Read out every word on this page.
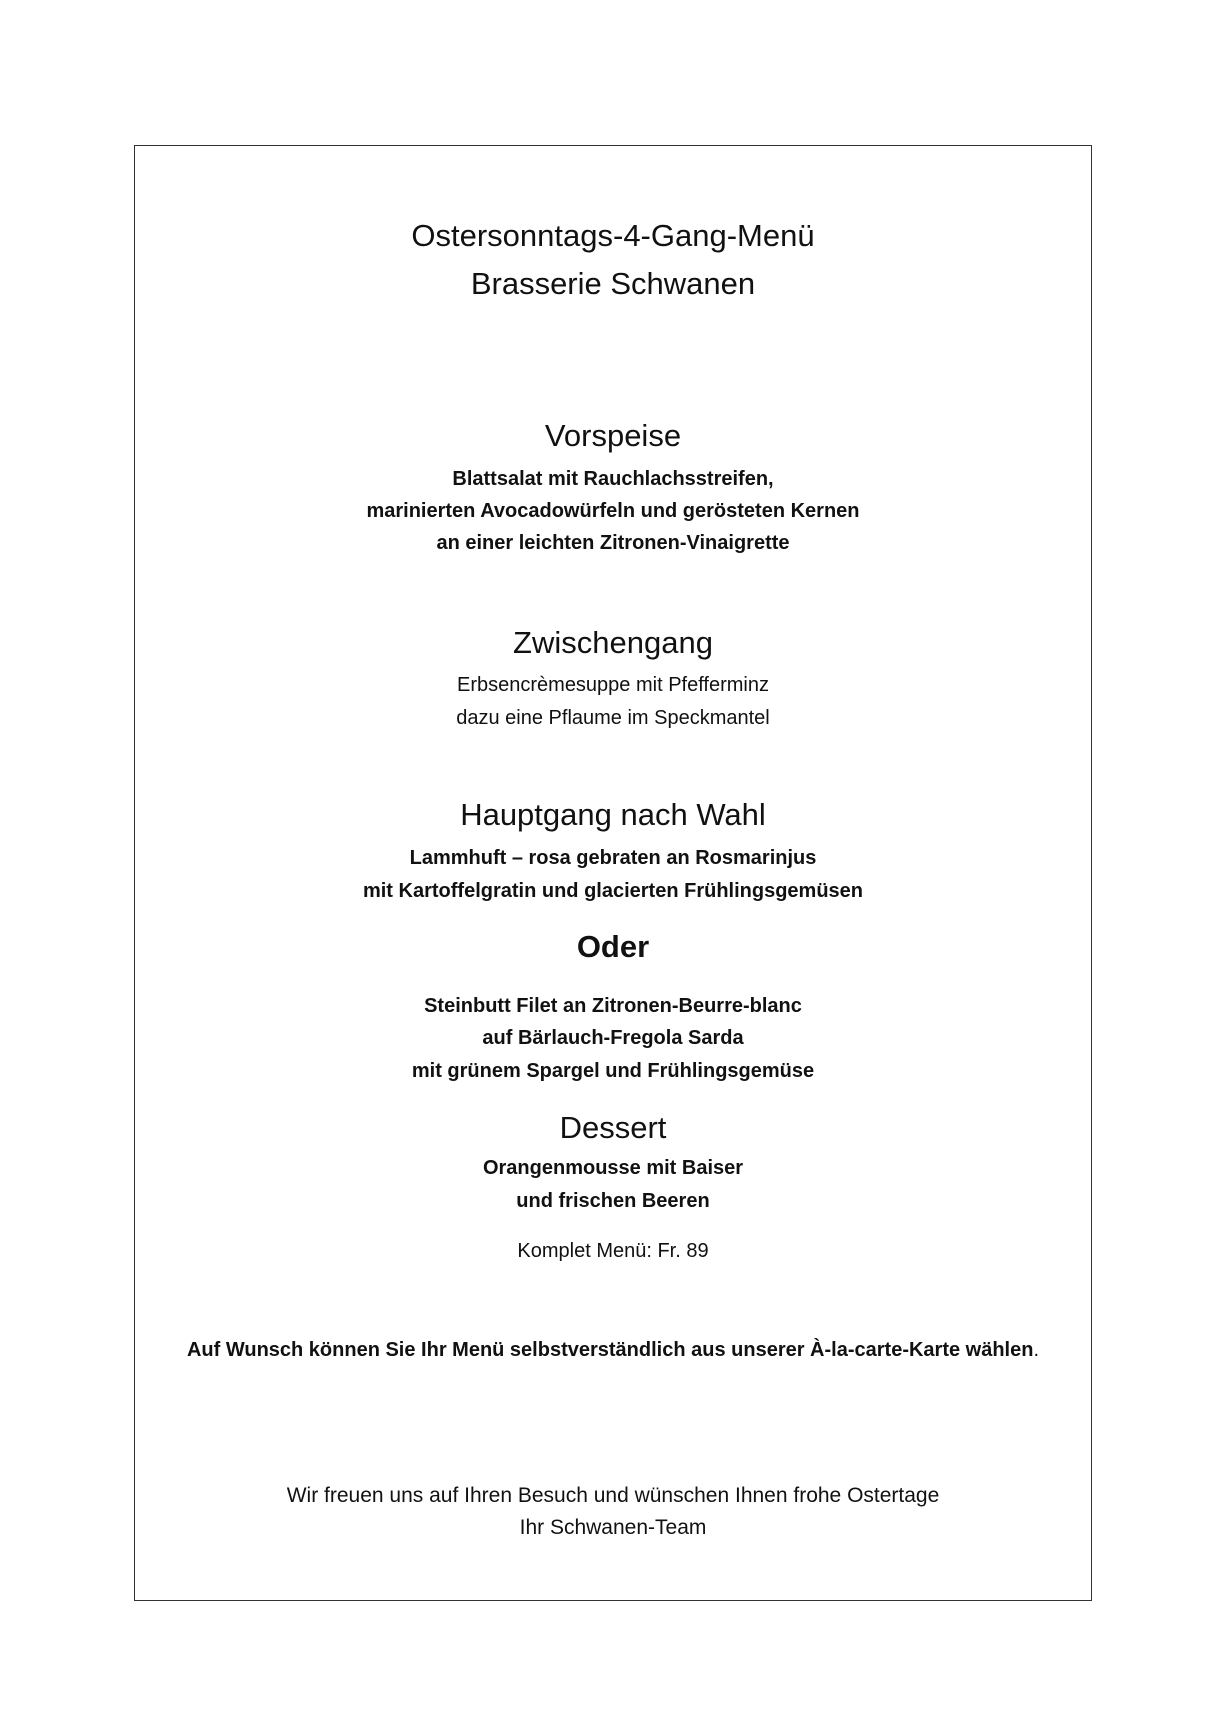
Ostersonntags-4-Gang-Menü

Brasserie Schwanen

Vorspeise

Blattsalat mit Rauchlachsstreifen,

marinierten Avocadowürfeln und gerösteten Kernen

an einer leichten Zitronen-Vinaigrette

Zwischengang

Erbsencrèmesuppe mit Pfefferminz

dazu eine Pflaume im Speckmantel

Hauptgang nach Wahl

Lammhuft – rosa gebraten an Rosmarinjus

mit Kartoffelgratin und glacierten Frühlingsgemüsen

Oder

Steinbutt Filet an Zitronen-Beurre-blanc

auf Bärlauch-Fregola Sarda

mit grünem Spargel und Frühlingsgemüse

Dessert

Orangenmousse mit Baiser

und frischen Beeren

Komplet Menü: Fr. 89

Auf Wunsch können Sie Ihr Menü selbstverständlich aus unserer À-la-carte-Karte wählen.

Wir freuen uns auf Ihren Besuch und wünschen Ihnen frohe Ostertage

Ihr Schwanen-Team
